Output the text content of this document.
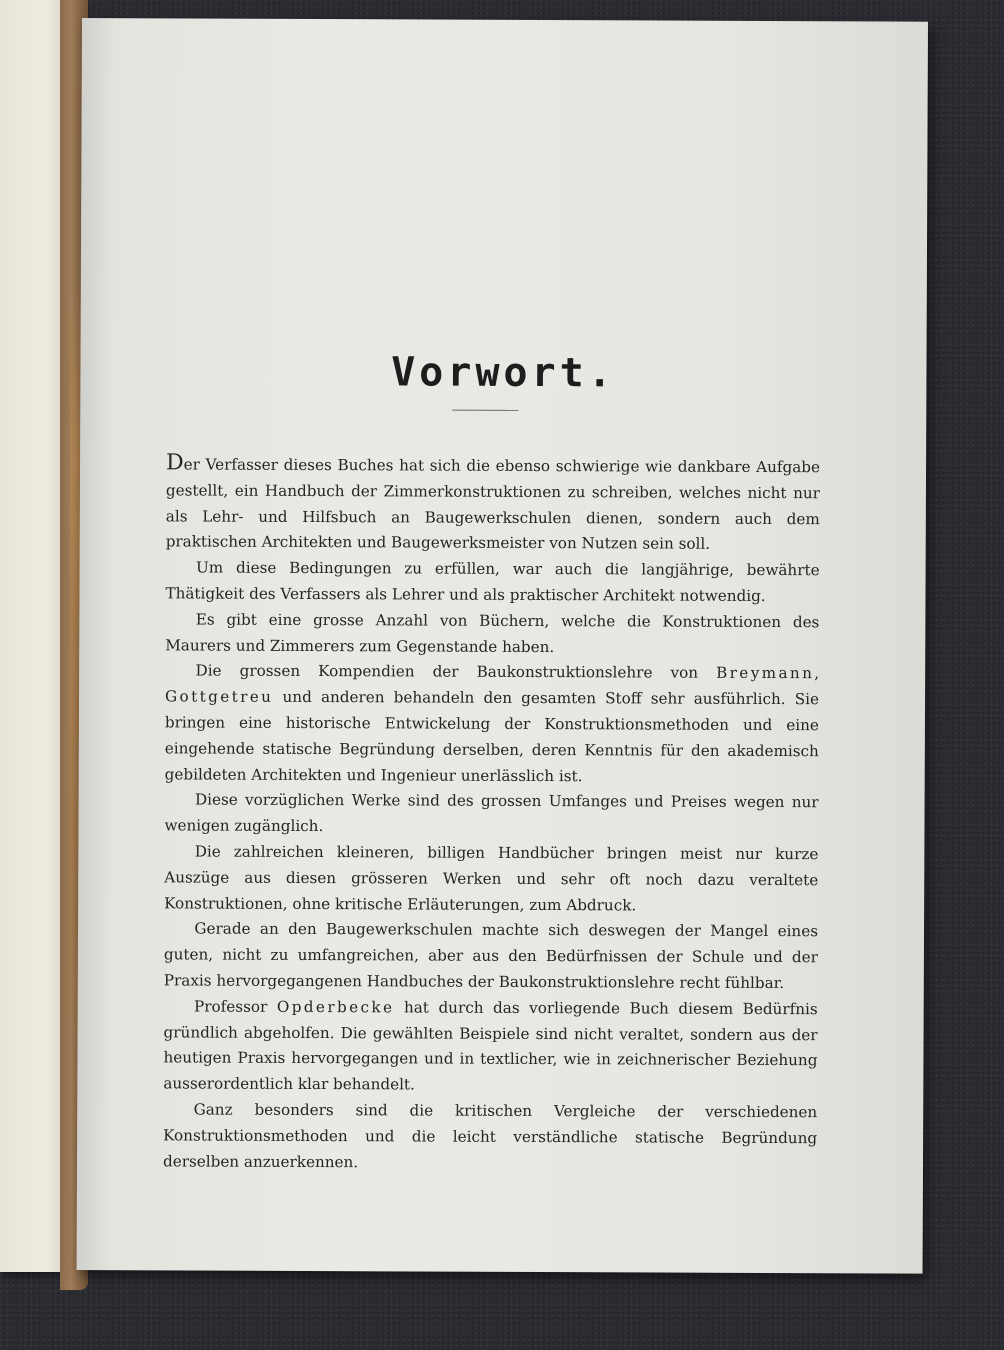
Vorwort.

Der Verfasser dieses Buches hat sich die ebenso schwierige wie dankbare Aufgabe gestellt, ein Handbuch der Zimmerkonstruktionen zu schreiben, welches nicht nur als Lehr- und Hilfsbuch an Baugewerkschulen dienen, sondern auch dem praktischen Architekten und Baugewerksmeister von Nutzen sein soll.

Um diese Bedingungen zu erfüllen, war auch die langjährige, bewährte Thätigkeit des Verfassers als Lehrer und als praktischer Architekt notwendig.

Es gibt eine grosse Anzahl von Büchern, welche die Konstruktionen des Maurers und Zimmerers zum Gegenstande haben.

Die grossen Kompendien der Baukonstruktionslehre von Breymann, Gottgetreu und anderen behandeln den gesamten Stoff sehr ausführlich. Sie bringen eine historische Entwickelung der Konstruktionsmethoden und eine eingehende statische Begründung derselben, deren Kenntnis für den akademisch gebildeten Architekten und Ingenieur unerlässlich ist.

Diese vorzüglichen Werke sind des grossen Umfanges und Preises wegen nur wenigen zugänglich.

Die zahlreichen kleineren, billigen Handbücher bringen meist nur kurze Auszüge aus diesen grösseren Werken und sehr oft noch dazu veraltete Konstruktionen, ohne kritische Erläuterungen, zum Abdruck.

Gerade an den Baugewerkschulen machte sich deswegen der Mangel eines guten, nicht zu umfangreichen, aber aus den Bedürfnissen der Schule und der Praxis hervorgegangenen Handbuches der Baukonstruktionslehre recht fühlbar.

Professor Opderbecke hat durch das vorliegende Buch diesem Bedürfnis gründlich abgeholfen. Die gewählten Beispiele sind nicht veraltet, sondern aus der heutigen Praxis hervorgegangen und in textlicher, wie in zeichnerischer Beziehung ausserordentlich klar behandelt.

Ganz besonders sind die kritischen Vergleiche der verschiedenen Konstruktionsmethoden und die leicht verständliche statische Begründung derselben anzuerkennen.
